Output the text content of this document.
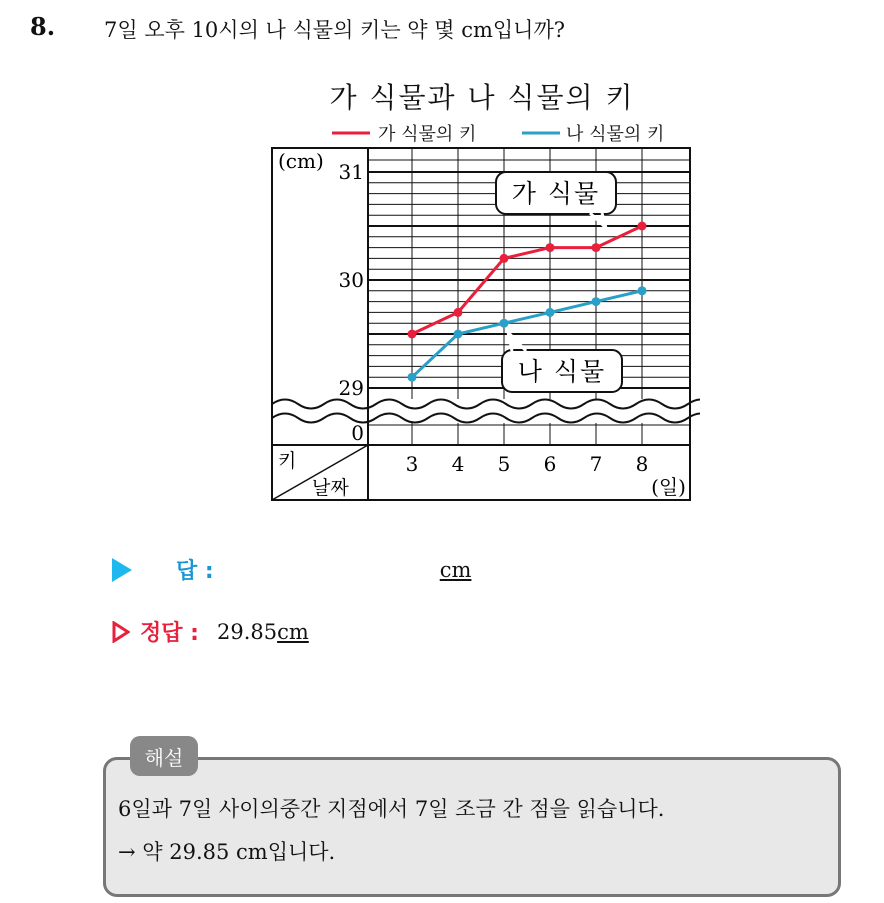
8. 7일 오후 10시의 나 식물의 키는 약 몇 cm입니까?
가 식물과 나 식물의 키
가 식물의 키	나 식물의 키
키
날짜
(cm) 31
30
29
0
3 4 5 6 7 8
(일)
가 식물
나 식물
답 :	cm
정답 : 29.85 cm
해설
6일과 7일 사이의중간 지점에서 7일 조금 간 점을 읽습니다.
→ 약 29.85 cm입니다.
